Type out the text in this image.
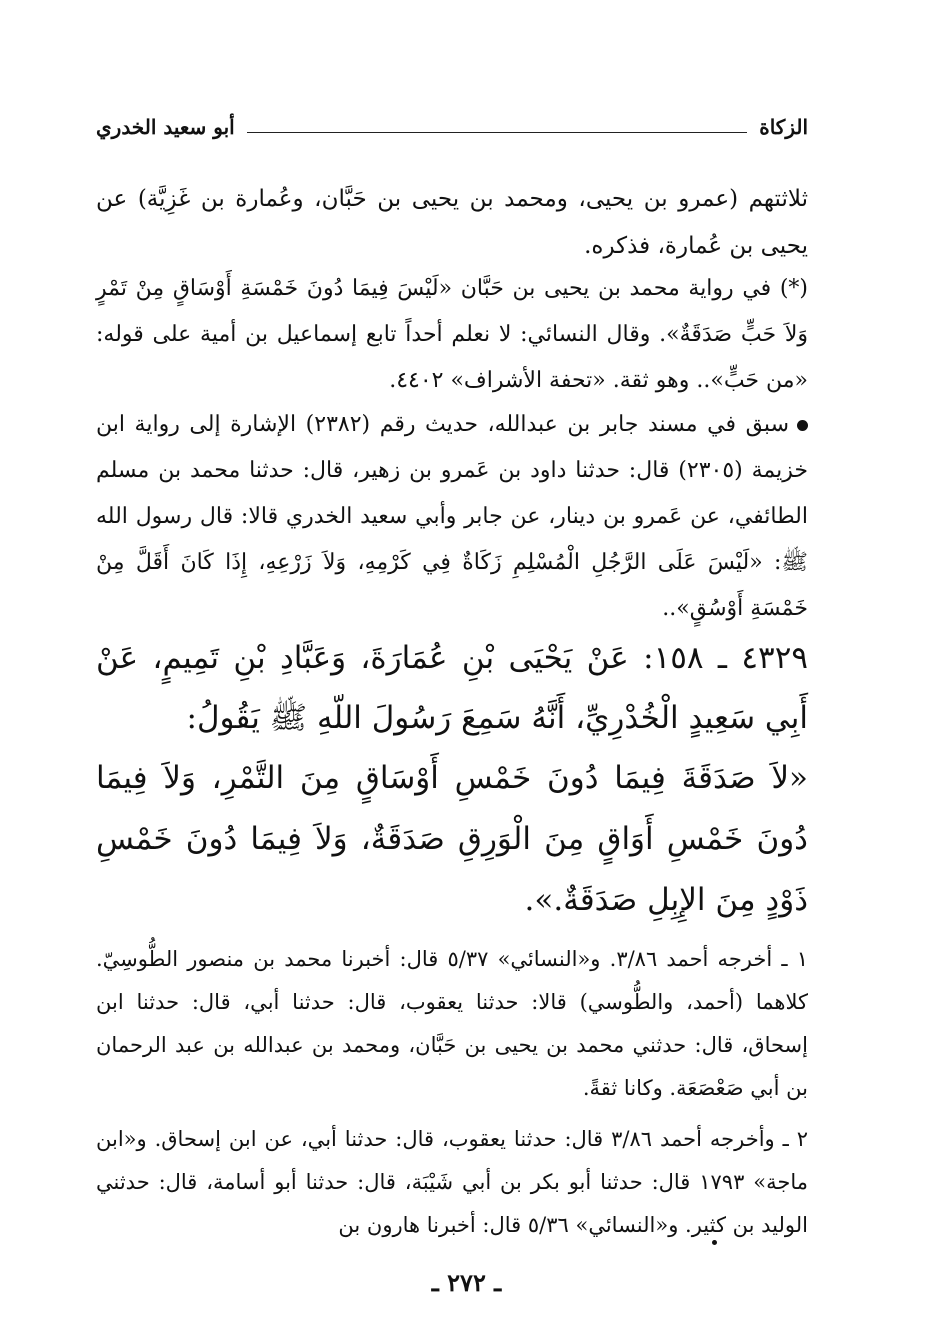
الزكاة
أبو سعيد الخدري

ثلاثتهم (عمرو بن يحيى، ومحمد بن يحيى بن حَبَّان، وعُمارة بن غَزِيَّة) عن يحيى بن عُمارة، فذكره.

(*) في رواية محمد بن يحيى بن حَبَّان «لَيْسَ فِيمَا دُونَ خَمْسَةِ أَوْسَاقٍ مِنْ تَمْرٍ وَلاَ حَبٍّ صَدَقَةٌ». وقال النسائي: لا نعلم أحداً تابع إسماعيل بن أمية على قوله: «من حَبٍّ».. وهو ثقة. «تحفة الأشراف» ٤٤٠٢.

سبق في مسند جابر بن عبدالله، حديث رقم (٢٣٨٢) الإشارة إلى رواية ابن خزيمة (٢٣٠٥) قال: حدثنا داود بن عَمرو بن زهير، قال: حدثنا محمد بن مسلم الطائفي، عن عَمرو بن دينار، عن جابر وأبي سعيد الخدري قالا: قال رسول الله ﷺ: «لَيْسَ عَلَى الرَّجُلِ الْمُسْلِمِ زَكَاةٌ فِي كَرْمِهِ، وَلاَ زَرْعِهِ، إِذَا كَانَ أَقَلَّ مِنْ خَمْسَةِ أَوْسُقٍ»..

٤٣٢٩ ـ ١٥٨: عَنْ يَحْيَى بْنِ عُمَارَةَ، وَعَبَّادِ بْنِ تَمِيمٍ، عَنْ أَبِي سَعِيدٍ الْخُدْرِيِّ، أَنَّهُ سَمِعَ رَسُولَ اللّهِ ﷺ يَقُولُ:

«لاَ صَدَقَةَ فِيمَا دُونَ خَمْسِ أَوْسَاقٍ مِنَ التَّمْرِ، وَلاَ فِيمَا دُونَ خَمْسِ أَوَاقٍ مِنَ الْوَرِقِ صَدَقَةٌ، وَلاَ فِيمَا دُونَ خَمْسِ ذَوْدٍ مِنَ الإِبِلِ صَدَقَةٌ.».

١ ـ أخرجه أحمد ٣/٨٦. و«النسائي» ٥/٣٧ قال: أخبرنا محمد بن منصور الطُّوسِيّ. كلاهما (أحمد، والطُّوسي) قالا: حدثنا يعقوب، قال: حدثنا أبي، قال: حدثنا ابن إسحاق، قال: حدثني محمد بن يحيى بن حَبَّان، ومحمد بن عبدالله بن عبد الرحمان بن أبي صَعْصَعَة. وكانا ثقةً.

٢ ـ وأخرجه أحمد ٣/٨٦ قال: حدثنا يعقوب، قال: حدثنا أبي، عن ابن إسحاق. و«ابن ماجة» ١٧٩٣ قال: حدثنا أبو بكر بن أبي شَيْبَة، قال: حدثنا أبو أسامة، قال: حدثني الوليد بن كثير. و«النسائي» ٥/٣٦ قال: أخبرنا هارون بن

ـ ٢٧٢ ـ
